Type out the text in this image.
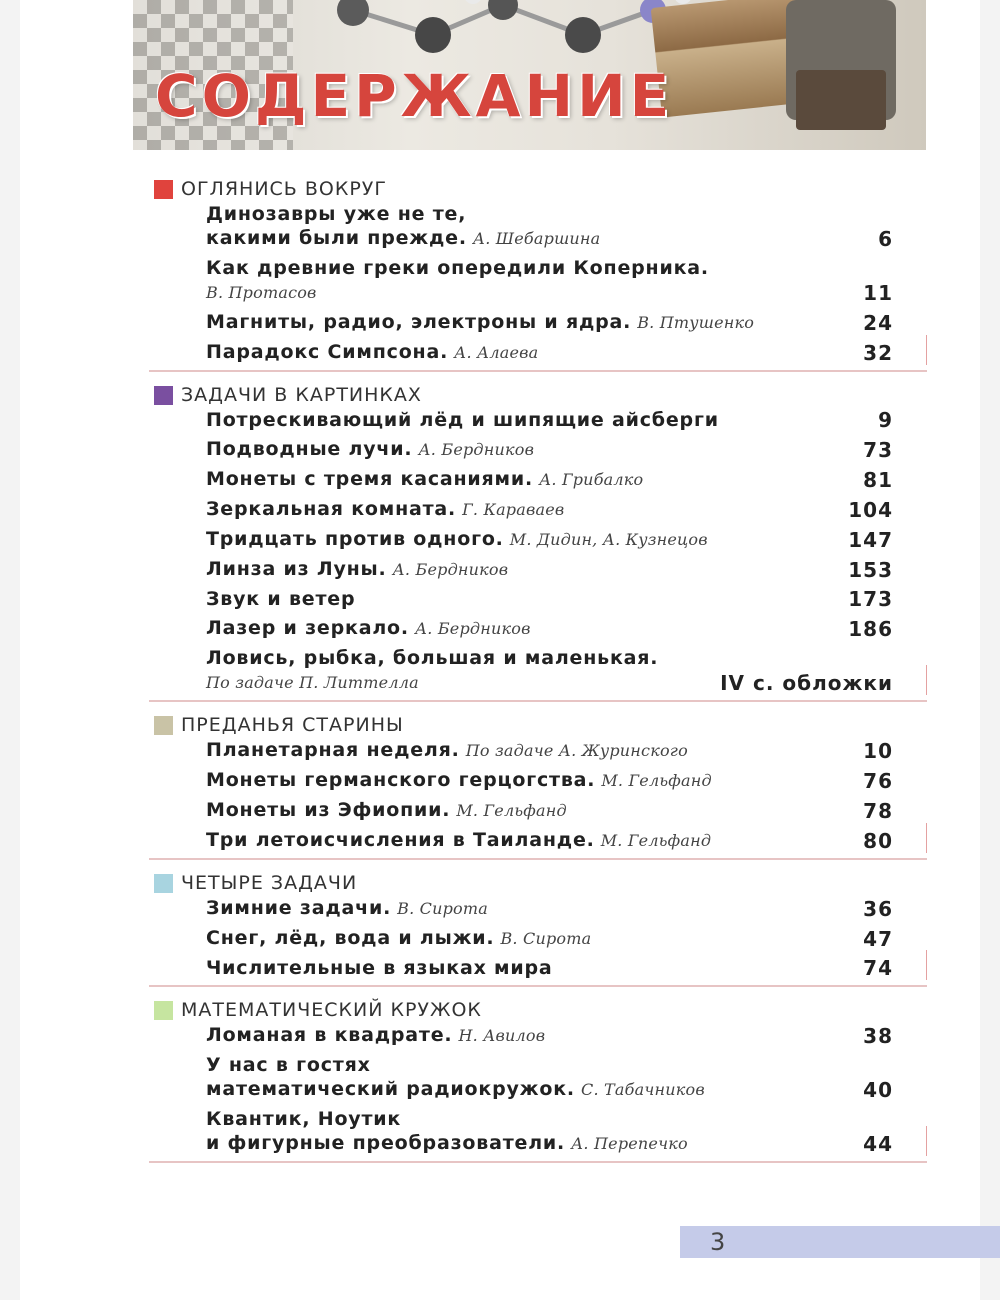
СОДЕРЖАНИЕ
ОГЛЯНИСЬ ВОКРУГ
Динозавры уже не те,
какими были прежде. А. Шебаршина	6
Как древние греки опередили Коперника.
В. Протасов	11
Магниты, радио, электроны и ядра. В. Птушенко	24
Парадокс Симпсона. А. Алаева	32
ЗАДАЧИ В КАРТИНКАХ
Потрескивающий лёд и шипящие айсберги	9
Подводные лучи. А. Бердников	73
Монеты с тремя касаниями. А. Грибалко	81
Зеркальная комната. Г. Караваев	104
Тридцать против одного. М. Дидин, А. Кузнецов	147
Линза из Луны. А. Бердников	153
Звук и ветер	173
Лазер и зеркало. А. Бердников	186
Ловись, рыбка, большая и маленькая.
По задаче П. Литтелла	IV с. обложки
ПРЕДАНЬЯ СТАРИНЫ
Планетарная неделя. По задаче А. Журинского	10
Монеты германского герцогства. М. Гельфанд	76
Монеты из Эфиопии. М. Гельфанд	78
Три летоисчисления в Таиланде. М. Гельфанд	80
ЧЕТЫРЕ ЗАДАЧИ
Зимние задачи. В. Сирота	36
Снег, лёд, вода и лыжи. В. Сирота	47
Числительные в языках мира	74
МАТЕМАТИЧЕСКИЙ КРУЖОК
Ломаная в квадрате. Н. Авилов	38
У нас в гостях
математический радиокружок. С. Табачников	40
Квантик, Ноутик
и фигурные преобразователи. А. Перепечко	44
3
